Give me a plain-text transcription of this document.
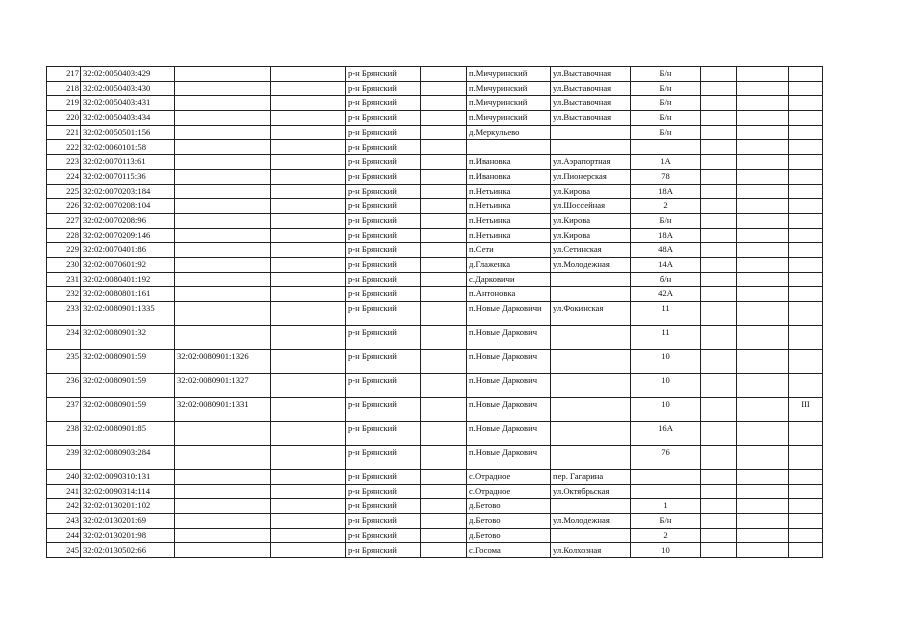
217	32:02:0050403:429			р-н Брянский		п.Мичуринский	ул.Выставочная	Б/н			
218	32:02:0050403:430			р-н Брянский		п.Мичуринский	ул.Выставочная	Б/н			
219	32:02:0050403:431			р-н Брянский		п.Мичуринский	ул.Выставочная	Б/н			
220	32:02:0050403:434			р-н Брянский		п.Мичуринский	ул.Выставочная	Б/н			
221	32:02:0050501:156			р-н Брянский		д.Меркульево		Б/н			
222	32:02:0060101:58			р-н Брянский							
223	32:02:0070113:61			р-н Брянский		п.Ивановка	ул.Аэрапортная	1А			
224	32:02:0070115:36			р-н Брянский		п.Ивановка	ул.Пионерская	78			
225	32:02:0070203:184			р-н Брянский		п.Нетьинка	ул.Кирова	18А			
226	32:02:0070208:104			р-н Брянский		п.Нетьинка	ул.Шоссейная	2			
227	32:02:0070208:96			р-н Брянский		п.Нетьинка	ул.Кирова	Б/н			
228	32:02:0070209:146			р-н Брянский		п.Нетьинка	ул.Кирова	18А			
229	32:02:0070401:86			р-н Брянский		п.Сети	ул.Сетинская	48А			
230	32:02:0070601:92			р-н Брянский		д.Глаженка	ул.Молодежная	14А			
231	32:02:0080401:192			р-н Брянский		с.Дарковичи		б/н			
232	32:02:0080801:161			р-н Брянский		п.Антоновка		42А			
233	32:02:0080901:1335			р-н Брянский		п.Новые Дарковичи	ул.Фокинская	11			
234	32:02:0080901:32			р-н Брянский		п.Новые Даркович		11			
235	32:02:0080901:59	32:02:0080901:1326		р-н Брянский		п.Новые Даркович		10			
236	32:02:0080901:59	32:02:0080901:1327		р-н Брянский		п.Новые Даркович		10			
237	32:02:0080901:59	32:02:0080901:1331		р-н Брянский		п.Новые Даркович		10			III
238	32:02:0080901:85			р-н Брянский		п.Новые Даркович		16А			
239	32:02:0080903:284			р-н Брянский		п.Новые Даркович		76			
240	32:02:0090310:131			р-н Брянский		с.Отрадное	пер. Гагарина				
241	32:02:0090314:114			р-н Брянский		с.Отрадное	ул.Октябрьская				
242	32:02:0130201:102			р-н Брянский		д.Бетово		1			
243	32:02:0130201:69			р-н Брянский		д.Бетово	ул.Молодежная	Б/н			
244	32:02:0130201:98			р-н Брянский		д.Бетово		2			
245	32:02:0130502:66			р-н Брянский		с.Госома	ул.Колхозная	10			
